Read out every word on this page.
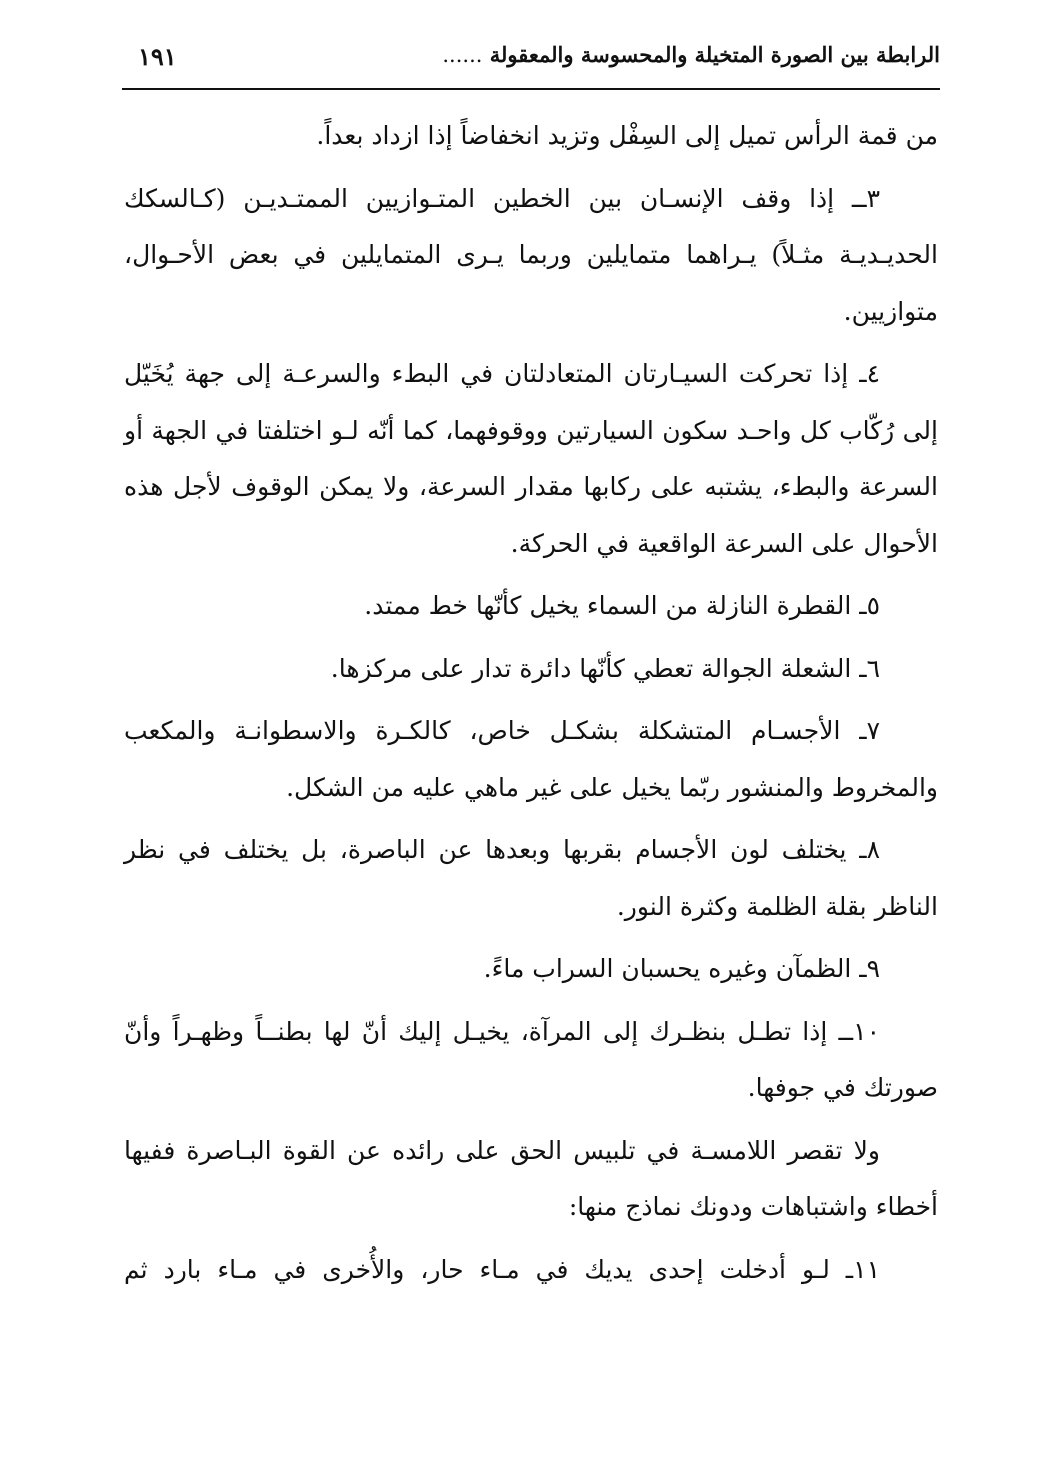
الرابطة بين الصورة المتخيلة والمحسوسة والمعقولة ......
١٩١

من قمة الرأس تميل إلى السِفْل وتزيد انخفاضاً إذا ازداد بعداً.

٣ــ إذا وقف الإنسـان بين الخطين المتـوازيين الممتـديـن (كـالسكك الحديـديـة مثـلاً) يـراهما متمايلين وربما يـرى المتمايلين في بعض الأحـوال، متوازيين.

٤ـ إذا تحركت السيـارتان المتعادلتان في البطء والسرعـة إلى جهة يُخَيّل إلى رُكّاب كل واحـد سكون السيارتين ووقوفهما، كما أنّه لـو اختلفتا في الجهة أو السرعة والبطء، يشتبه على ركابها مقدار السرعة، ولا يمكن الوقوف لأجل هذه الأحوال على السرعة الواقعية في الحركة.

٥ـ القطرة النازلة من السماء يخيل كأنّها خط ممتد.

٦ـ الشعلة الجوالة تعطي كأنّها دائرة تدار على مركزها.

٧ـ الأجسـام المتشكلة بشكـل خاص، كالكـرة والاسطوانـة والمكعب والمخروط والمنشور ربّما يخيل على غير ماهي عليه من الشكل.

٨ـ يختلف لون الأجسام بقربها وبعدها عن الباصرة، بل يختلف في نظر الناظر بقلة الظلمة وكثرة النور.

٩ـ الظمآن وغيره يحسبان السراب ماءً.

١٠ــ إذا تطـل بنظـرك إلى المرآة، يخيـل إليك أنّ لها بطنــاً وظهـراً وأنّ صورتك في جوفها.

ولا تقصر اللامسـة في تلبيس الحق على رائده عن القوة البـاصرة ففيها أخطاء واشتباهات ودونك نماذج منها:

١١ـ لـو أدخلت إحدى يديك في مـاء حار، والأُخرى في مـاء بارد ثم
